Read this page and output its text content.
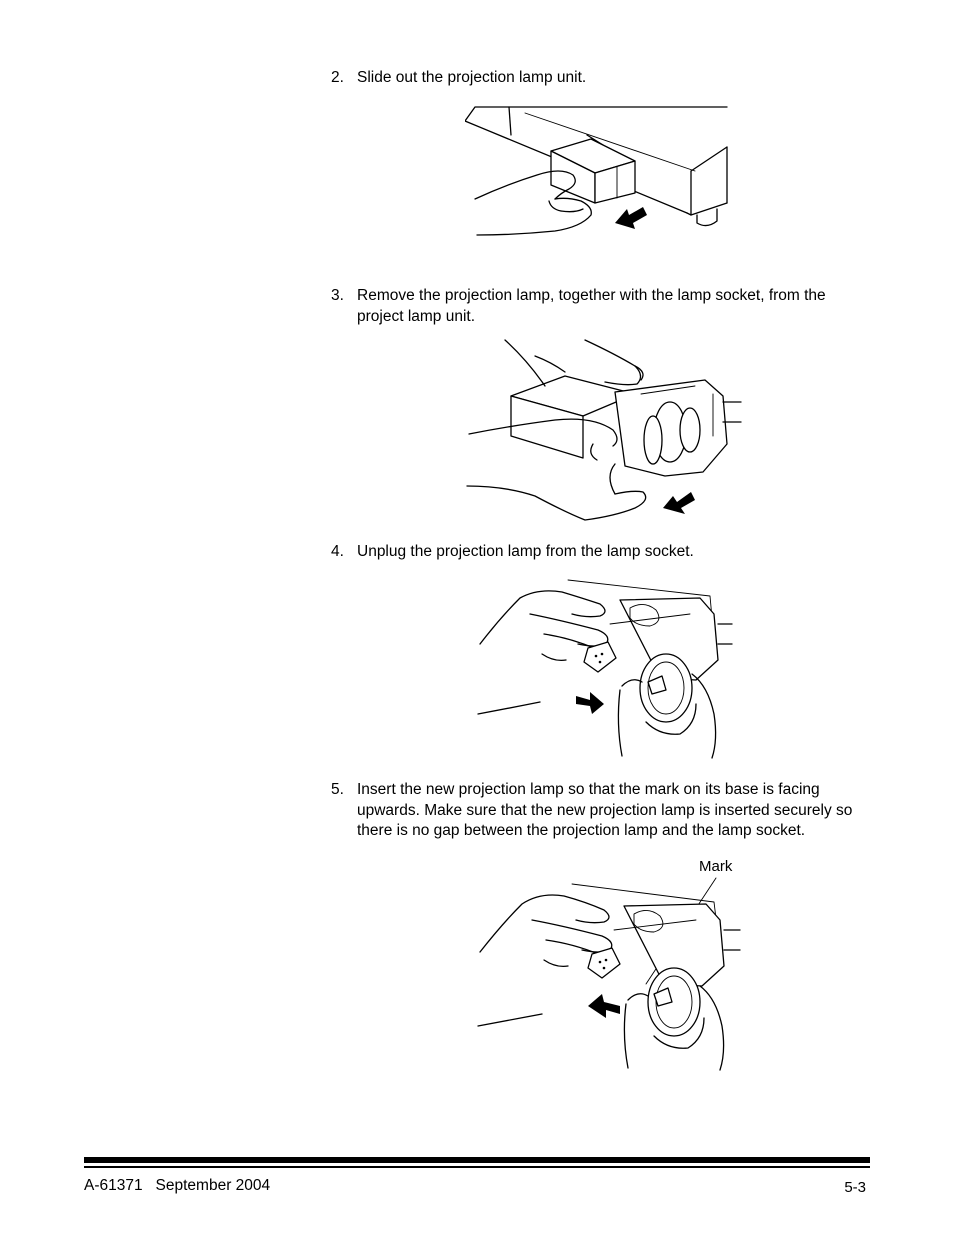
2. Slide out the projection lamp unit.
3. Remove the projection lamp, together with the lamp socket, from the project lamp unit.
4. Unplug the projection lamp from the lamp socket.
5. Insert the new projection lamp so that the mark on its base is facing upwards. Make sure that the new projection lamp is inserted securely so there is no gap between the projection lamp and the lamp socket.
Mark
A-61371 September 2004	5-3
